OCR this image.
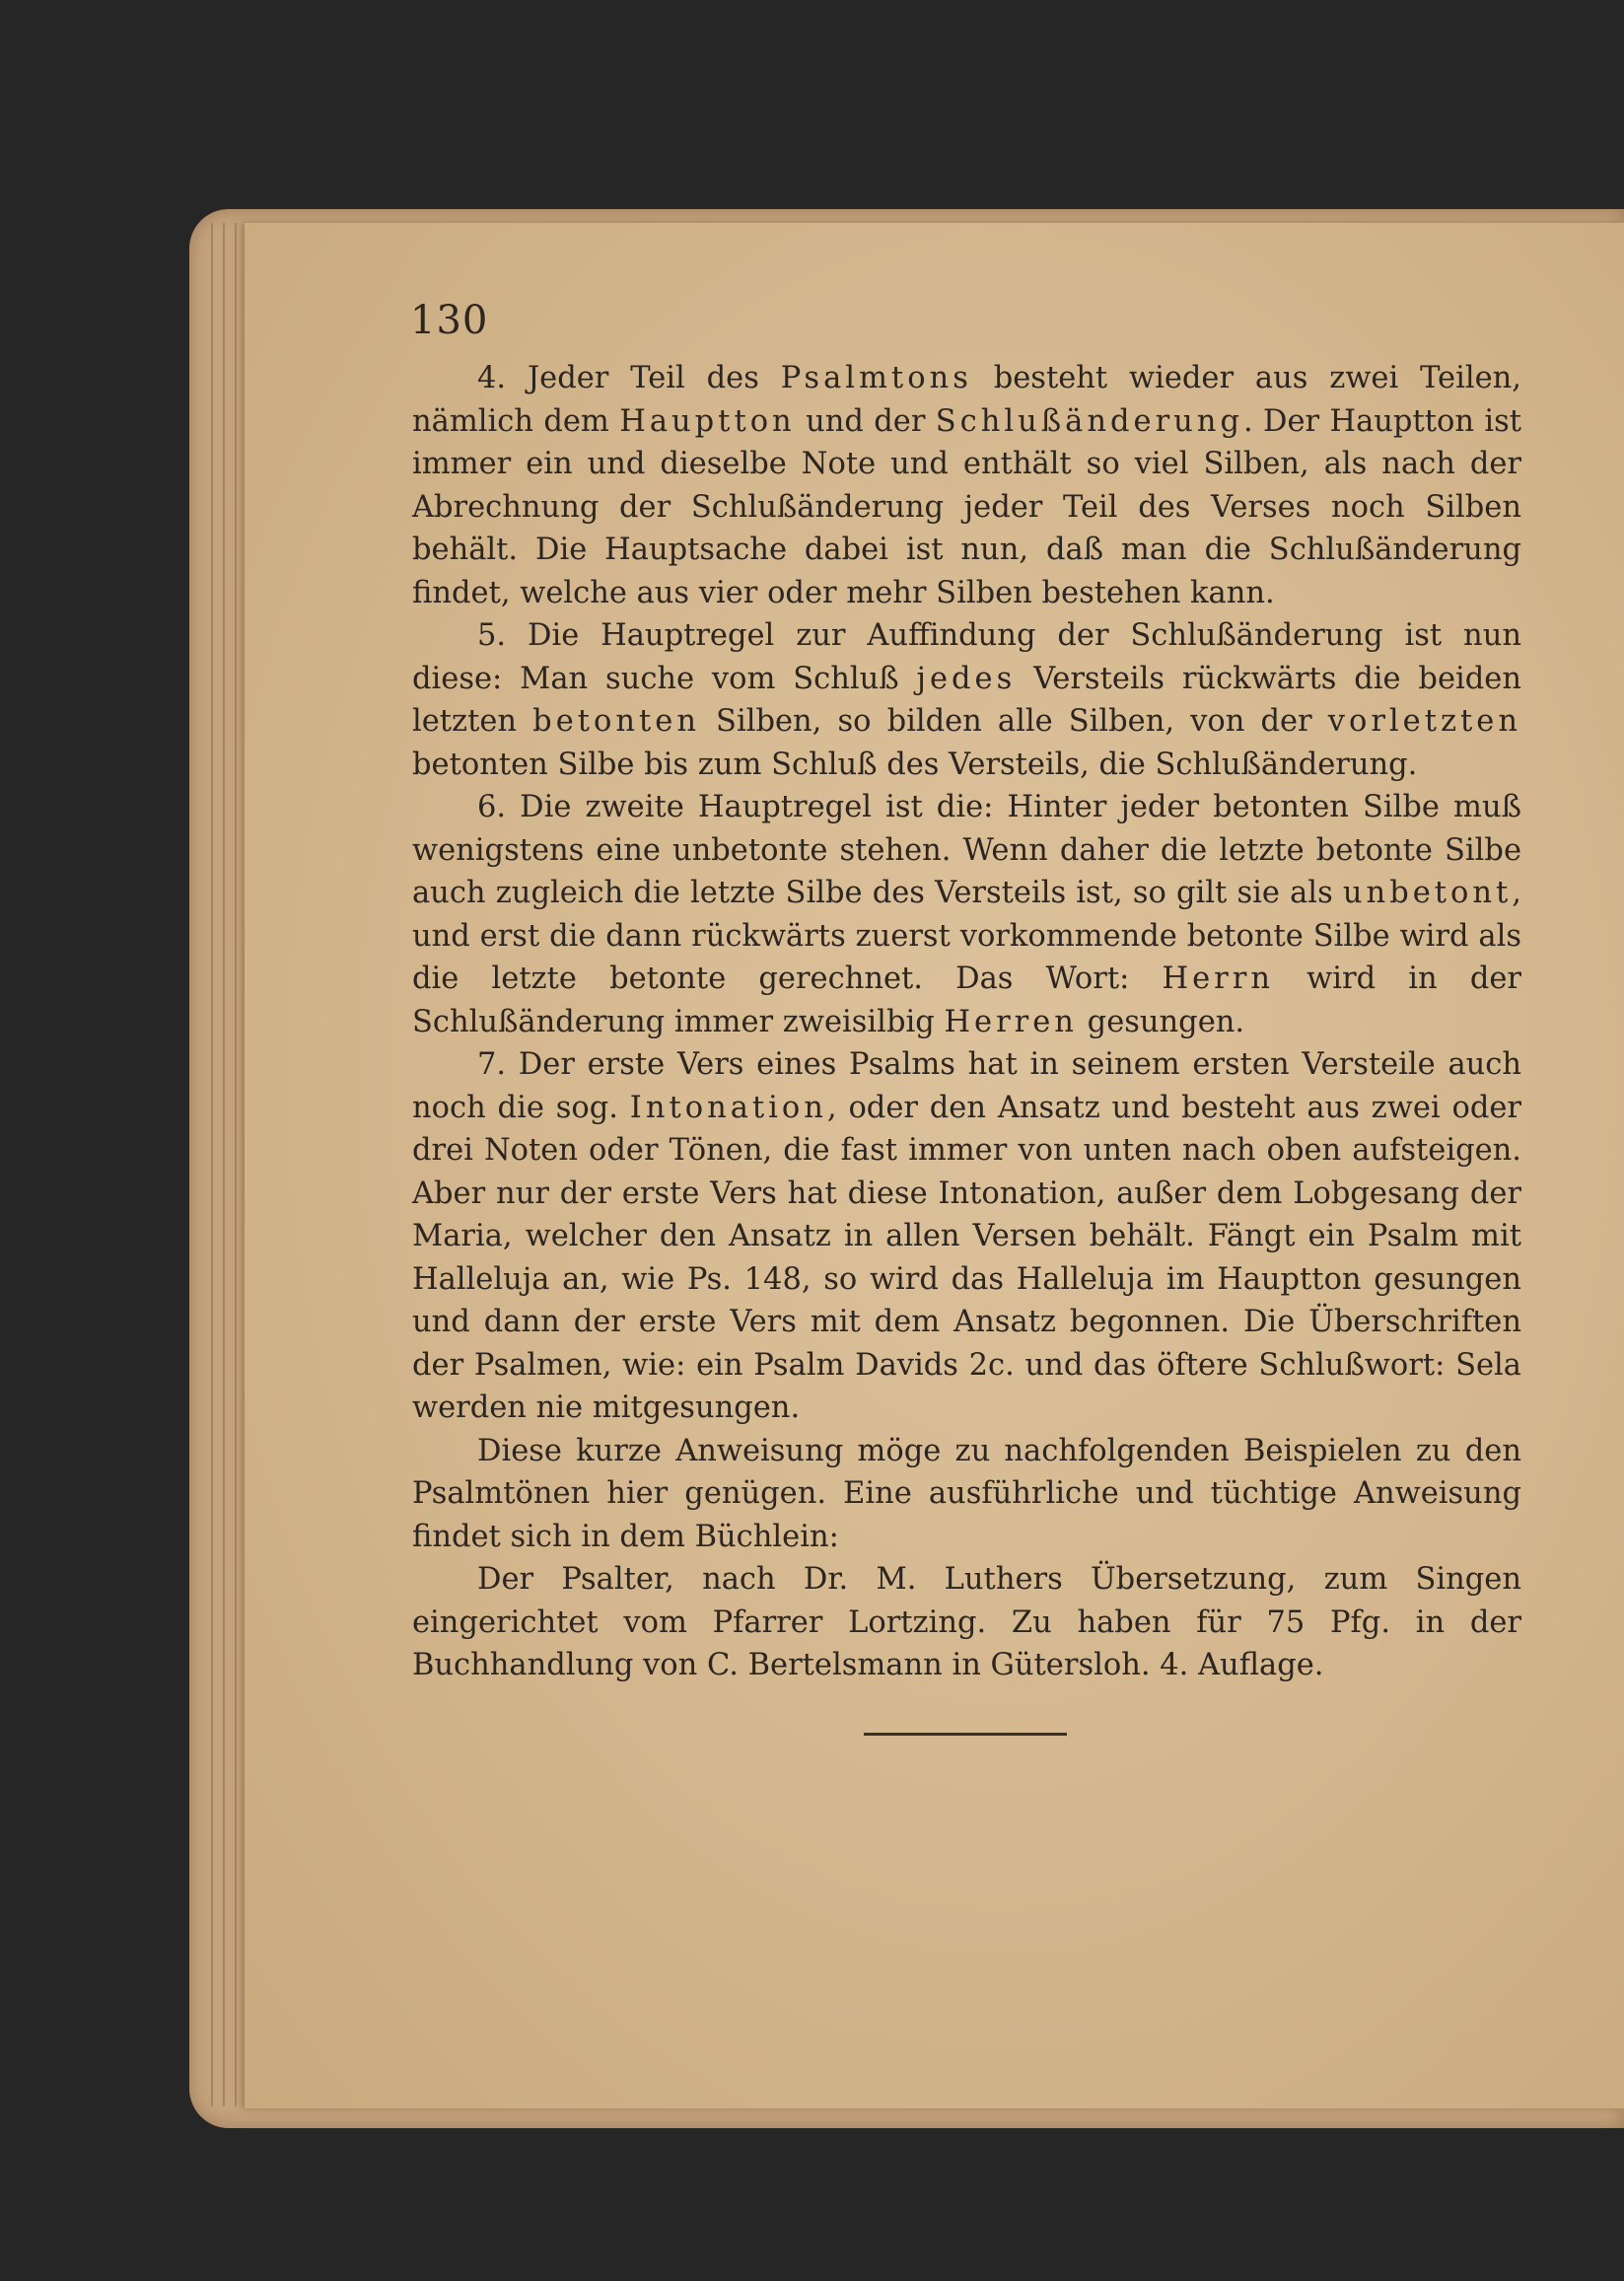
130

4. Jeder Teil des Psalmtons besteht wieder aus zwei Teilen, nämlich dem Hauptton und der Schlußänderung. Der Hauptton ist immer ein und dieselbe Note und enthält so viel Silben, als nach der Abrechnung der Schlußänderung jeder Teil des Verses noch Silben behält. Die Hauptsache dabei ist nun, daß man die Schlußänderung findet, welche aus vier oder mehr Silben bestehen kann.

5. Die Hauptregel zur Auffindung der Schlußänderung ist nun diese: Man suche vom Schluß jedes Versteils rückwärts die beiden letzten betonten Silben, so bilden alle Silben, von der vorletzten betonten Silbe bis zum Schluß des Versteils, die Schlußänderung.

6. Die zweite Hauptregel ist die: Hinter jeder betonten Silbe muß wenigstens eine unbetonte stehen. Wenn daher die letzte betonte Silbe auch zugleich die letzte Silbe des Versteils ist, so gilt sie als unbetont, und erst die dann rückwärts zuerst vorkommende betonte Silbe wird als die letzte betonte gerechnet. Das Wort: Herrn wird in der Schlußänderung immer zweisilbig Herren gesungen.

7. Der erste Vers eines Psalms hat in seinem ersten Versteile auch noch die sog. Intonation, oder den Ansatz und besteht aus zwei oder drei Noten oder Tönen, die fast immer von unten nach oben aufsteigen. Aber nur der erste Vers hat diese Intonation, außer dem Lobgesang der Maria, welcher den Ansatz in allen Versen behält. Fängt ein Psalm mit Halleluja an, wie Ps. 148, so wird das Halleluja im Hauptton gesungen und dann der erste Vers mit dem Ansatz begonnen. Die Überschriften der Psalmen, wie: ein Psalm Davids 2c. und das öftere Schlußwort: Sela werden nie mitgesungen.

Diese kurze Anweisung möge zu nachfolgenden Beispielen zu den Psalmtönen hier genügen. Eine ausführliche und tüchtige Anweisung findet sich in dem Büchlein:

Der Psalter, nach Dr. M. Luthers Übersetzung, zum Singen eingerichtet vom Pfarrer Lortzing. Zu haben für 75 Pfg. in der Buchhandlung von C. Bertelsmann in Gütersloh. 4. Auflage.
